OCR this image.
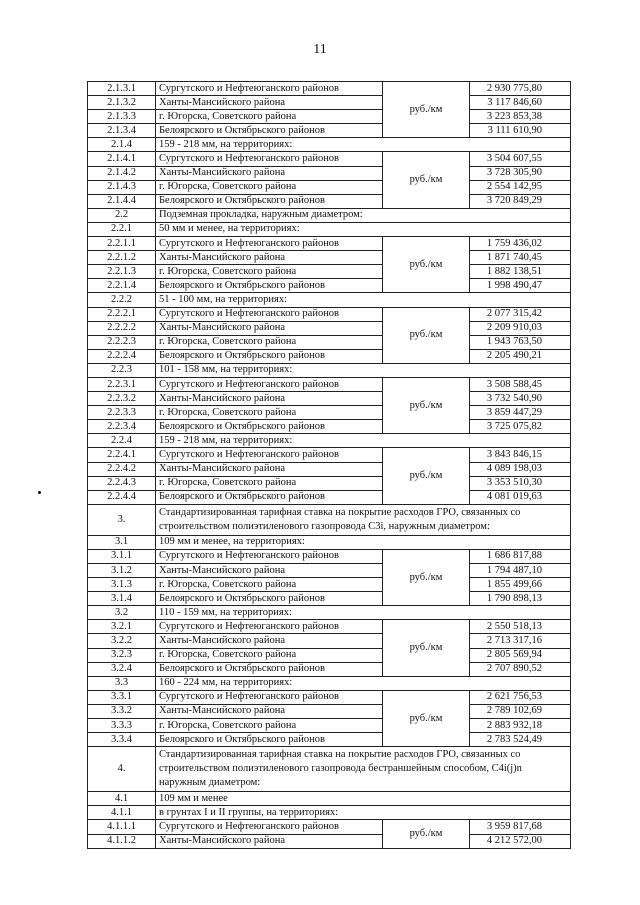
11
2.1.3.1	Сургутского и Нефтеюганского районов	руб./км	2 930 775,80
2.1.3.2	Ханты-Мансийского района		3 117 846,60
2.1.3.3	г. Югорска, Советского района		3 223 853,38
2.1.3.4	Белоярского и Октябрьского районов		3 111 610,90
2.1.4	159 - 218 мм, на территориях:		
2.1.4.1	Сургутского и Нефтеюганского районов	руб./км	3 504 607,55
2.1.4.2	Ханты-Мансийского района		3 728 305,90
2.1.4.3	г. Югорска, Советского района		2 554 142,95
2.1.4.4	Белоярского и Октябрьского районов		3 720 849,29
2.2	Подземная прокладка, наружным диаметром:		
2.2.1	50 мм и менее, на территориях:		
2.2.1.1	Сургутского и Нефтеюганского районов	руб./км	1 759 436,02
2.2.1.2	Ханты-Мансийского района		1 871 740,45
2.2.1.3	г. Югорска, Советского района		1 882 138,51
2.2.1.4	Белоярского и Октябрьского районов		1 998 490,47
2.2.2	51 - 100 мм, на территориях:		
2.2.2.1	Сургутского и Нефтеюганского районов	руб./км	2 077 315,42
2.2.2.2	Ханты-Мансийского района		2 209 910,03
2.2.2.3	г. Югорска, Советского района		1 943 763,50
2.2.2.4	Белоярского и Октябрьского районов		2 205 490,21
2.2.3	101 - 158 мм, на территориях:		
2.2.3.1	Сургутского и Нефтеюганского районов	руб./км	3 508 588,45
2.2.3.2	Ханты-Мансийского района		3 732 540,90
2.2.3.3	г. Югорска, Советского района		3 859 447,29
2.2.3.4	Белоярского и Октябрьского районов		3 725 075,82
2.2.4	159 - 218 мм, на территориях:		
2.2.4.1	Сургутского и Нефтеюганского районов	руб./км	3 843 846,15
2.2.4.2	Ханты-Мансийского района		4 089 198,03
2.2.4.3	г. Югорска, Советского района		3 353 510,30
2.2.4.4	Белоярского и Октябрьского районов		4 081 019,63
3.	Стандартизированная тарифная ставка на покрытие расходов ГРО, связанных со строительством полиэтиленового газопровода С3i, наружным диаметром:		
3.1	109 мм и менее, на территориях:		
3.1.1	Сургутского и Нефтеюганского районов	руб./км	1 686 817,88
3.1.2	Ханты-Мансийского района		1 794 487,10
3.1.3	г. Югорска, Советского района		1 855 499,66
3.1.4	Белоярского и Октябрьского районов		1 790 898,13
3.2	110 - 159 мм, на территориях:		
3.2.1	Сургутского и Нефтеюганского районов	руб./км	2 550 518,13
3.2.2	Ханты-Мансийского района		2 713 317,16
3.2.3	г. Югорска, Советского района		2 805 569,94
3.2.4	Белоярского и Октябрьского районов		2 707 890,52
3.3	160 - 224 мм, на территориях:		
3.3.1	Сургутского и Нефтеюганского районов	руб./км	2 621 756,53
3.3.2	Ханты-Мансийского района		2 789 102,69
3.3.3	г. Югорска, Советского района		2 883 932,18
3.3.4	Белоярского и Октябрьского районов		2 783 524,49
4.	Стандартизированная тарифная ставка на покрытие расходов ГРО, связанных со строительством полиэтиленового газопровода бестраншейным способом, С4i(j)n наружным диаметром:		
4.1	109 мм и менее		
4.1.1	в грунтах I и II группы, на территориях:		
4.1.1.1	Сургутского и Нефтеюганского районов	руб./км	3 959 817,68
4.1.1.2	Ханты-Мансийского района		4 212 572,00
